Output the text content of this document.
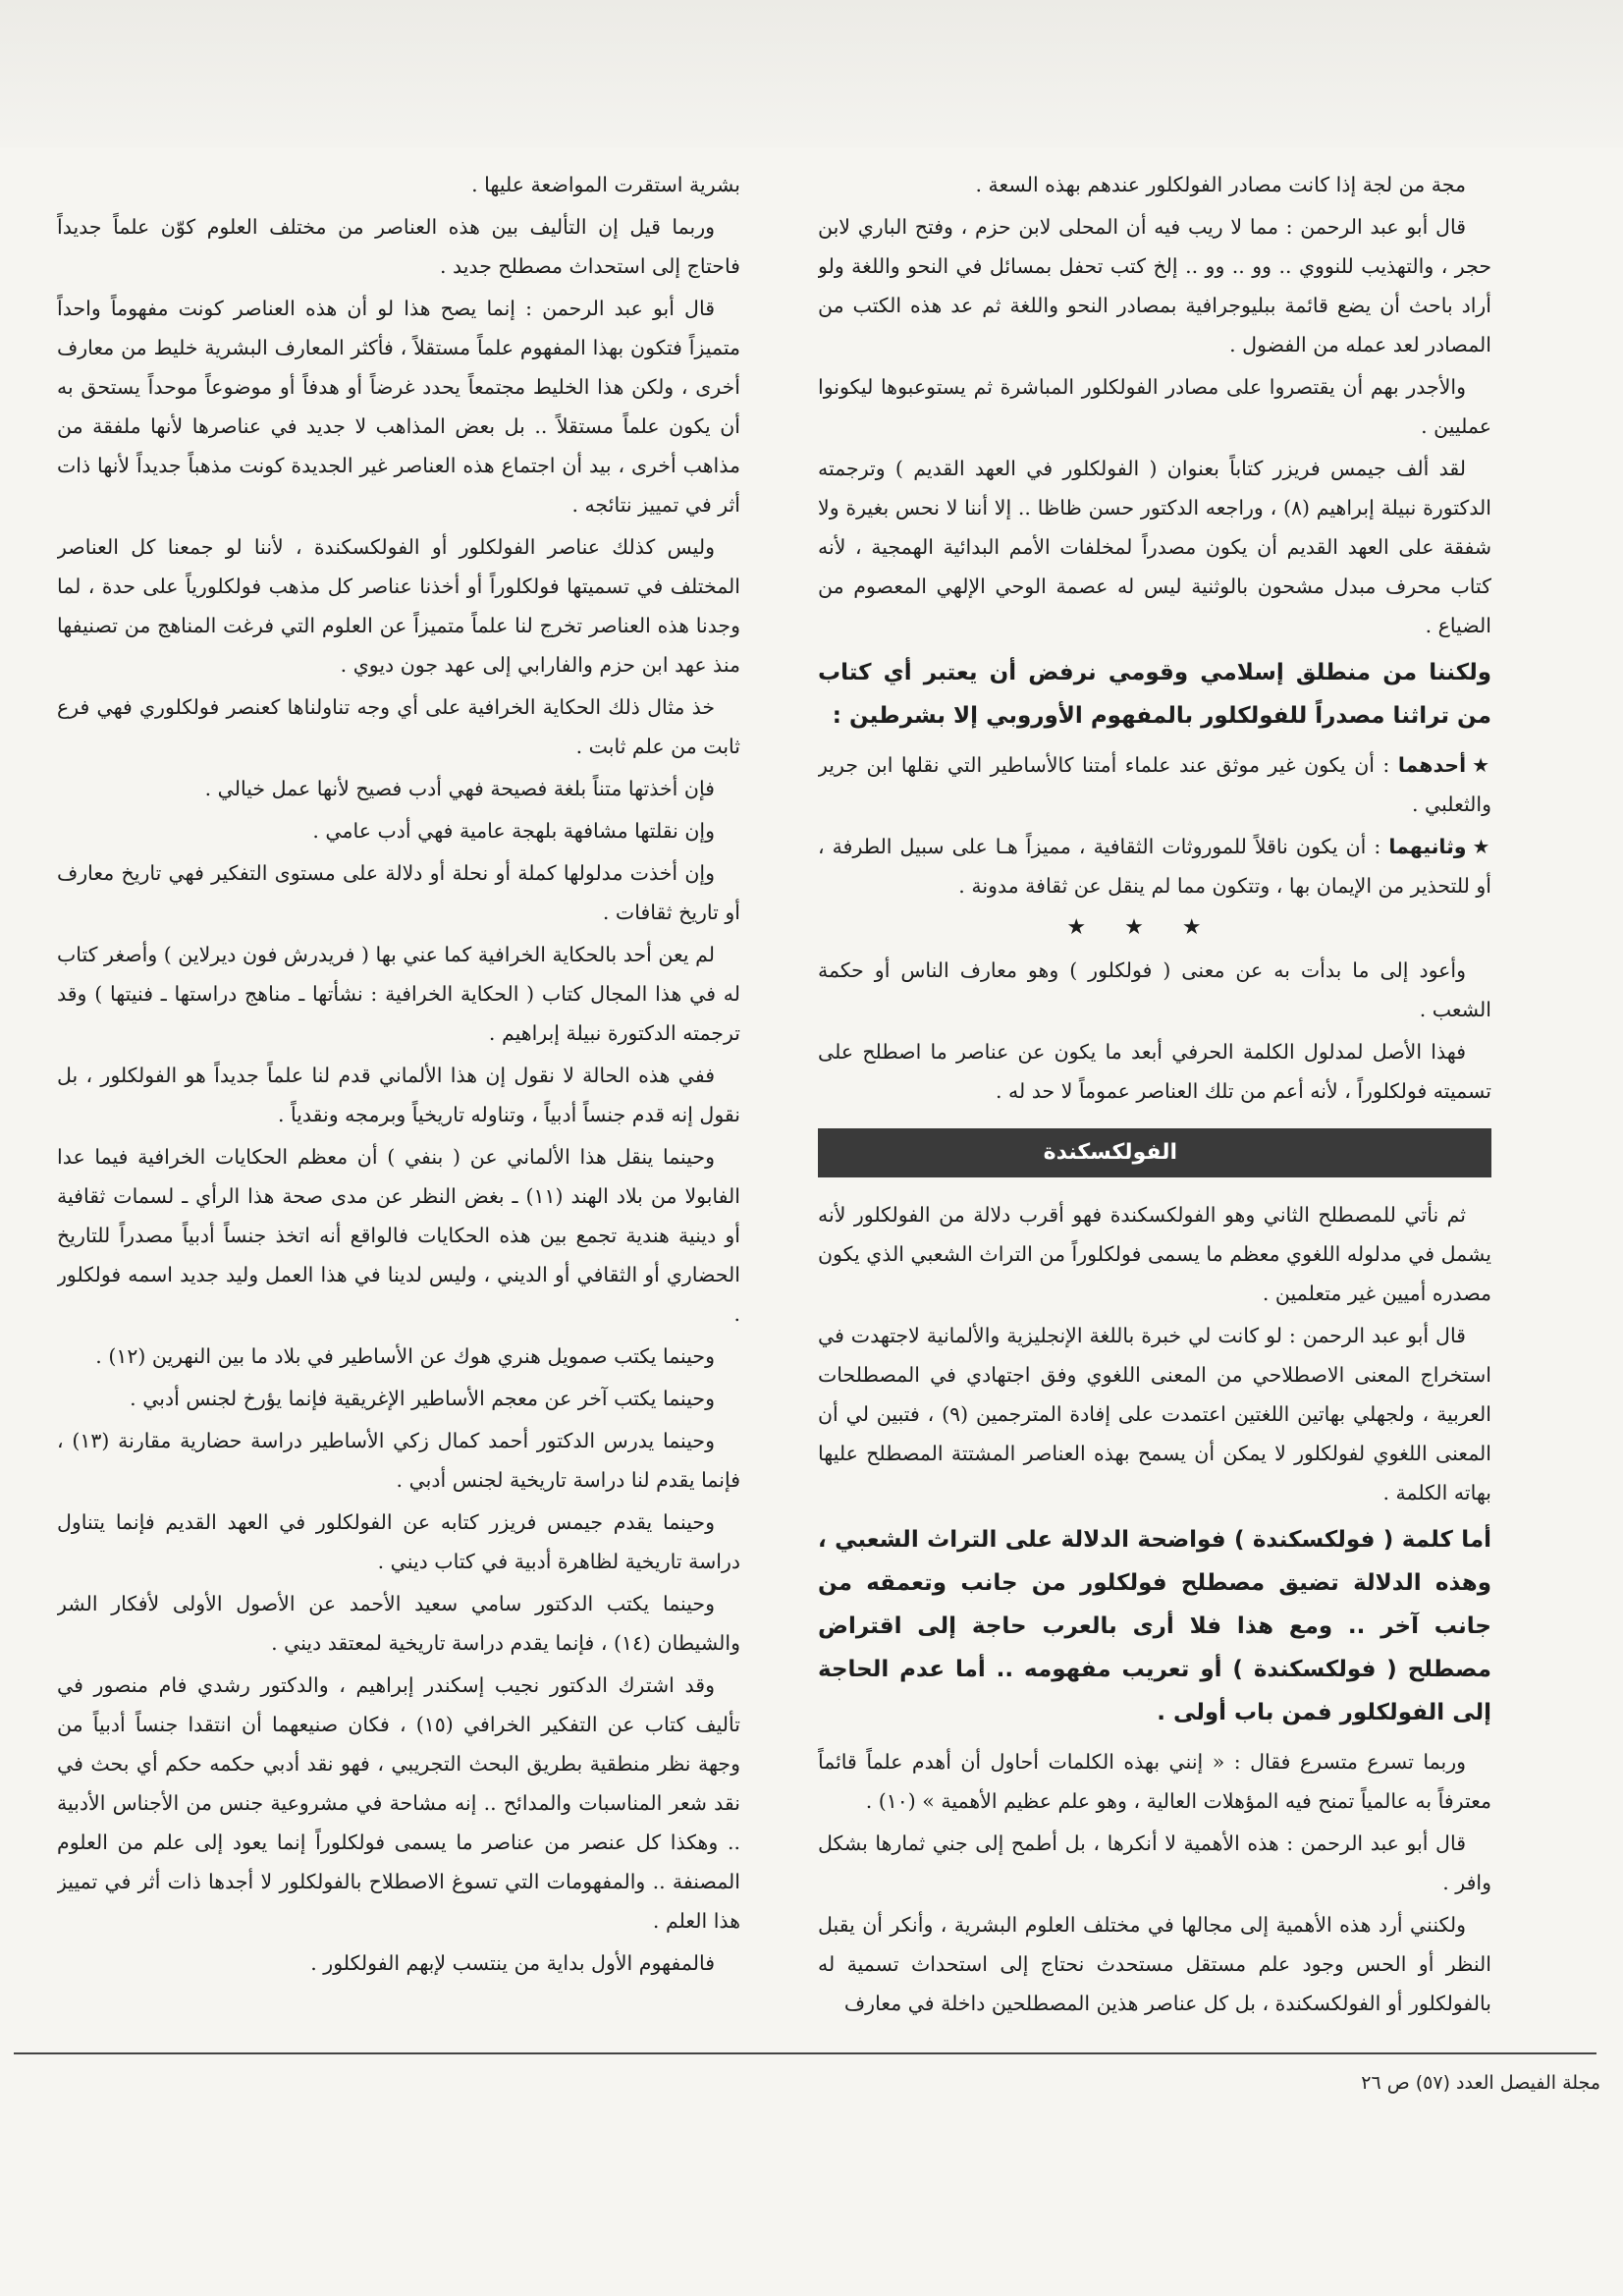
مجة من لجة إذا كانت مصادر الفولكلور عندهم بهذه السعة .

قال أبو عبد الرحمن : مما لا ريب فيه أن المحلى لابن حزم ، وفتح الباري لابن حجر ، والتهذيب للنووي .. وو .. وو .. إلخ كتب تحفل بمسائل في النحو واللغة ولو أراد باحث أن يضع قائمة ببليوجرافية بمصادر النحو واللغة ثم عد هذه الكتب من المصادر لعد عمله من الفضول .

والأجدر بهم أن يقتصروا على مصادر الفولكلور المباشرة ثم يستوعبوها ليكونوا عمليين .

لقد ألف جيمس فريزر كتاباً بعنوان ( الفولكلور في العهد القديم ) وترجمته الدكتورة نبيلة إبراهيم (٨) ، وراجعه الدكتور حسن ظاظا .. إلا أننا لا نحس بغيرة ولا شفقة على العهد القديم أن يكون مصدراً لمخلفات الأمم البدائية الهمجية ، لأنه كتاب محرف مبدل مشحون بالوثنية ليس له عصمة الوحي الإلهي المعصوم من الضياع .

ولكننا من منطلق إسلامي وقومي نرفض أن يعتبر أي كتاب من تراثنا مصدراً للفولكلور بالمفهوم الأوروبي إلا بشرطين :

★أحدهما : أن يكون غير موثق عند علماء أمتنا كالأساطير التي نقلها ابن جرير والثعلبي .

★وثانيهما : أن يكون ناقلاً للموروثات الثقافية ، مميزاً هـا على سبيل الطرفة ، أو للتحذير من الإيمان بها ، وتتكون مما لم ينقل عن ثقافة مدونة .

★ ★ ★

وأعود إلى ما بدأت به عن معنى ( فولكلور ) وهو معارف الناس أو حكمة الشعب .

فهذا الأصل لمدلول الكلمة الحرفي أبعد ما يكون عن عناصر ما اصطلح على تسميته فولكلوراً ، لأنه أعم من تلك العناصر عموماً لا حد له .

الفولكسكندة

ثم نأتي للمصطلح الثاني وهو الفولكسكندة فهو أقرب دلالة من الفولكلور لأنه يشمل في مدلوله اللغوي معظم ما يسمى فولكلوراً من التراث الشعبي الذي يكون مصدره أميين غير متعلمين .

قال أبو عبد الرحمن : لو كانت لي خبرة باللغة الإنجليزية والألمانية لاجتهدت في استخراج المعنى الاصطلاحي من المعنى اللغوي وفق اجتهادي في المصطلحات العربية ، ولجهلي بهاتين اللغتين اعتمدت على إفادة المترجمين (٩) ، فتبين لي أن المعنى اللغوي لفولكلور لا يمكن أن يسمح بهذه العناصر المشتتة المصطلح عليها بهاته الكلمة .

أما كلمة ( فولكسكندة ) فواضحة الدلالة على التراث الشعبي ، وهذه الدلالة تضيق مصطلح فولكلور من جانب وتعمقه من جانب آخر .. ومع هذا فلا أرى بالعرب حاجة إلى اقتراض مصطلح ( فولكسكندة ) أو تعريب مفهومه .. أما عدم الحاجة إلى الفولكلور فمن باب أولى .

وربما تسرع متسرع فقال : « إنني بهذه الكلمات أحاول أن أهدم علماً قائماً معترفاً به عالمياً تمنح فيه المؤهلات العالية ، وهو علم عظيم الأهمية » (١٠) .

قال أبو عبد الرحمن : هذه الأهمية لا أنكرها ، بل أطمح إلى جني ثمارها بشكل وافر .

ولكنني أرد هذه الأهمية إلى مجالها في مختلف العلوم البشرية ، وأنكر أن يقبل النظر أو الحس وجود علم مستقل مستحدث نحتاج إلى استحداث تسمية له بالفولكلور أو الفولكسكندة ، بل كل عناصر هذين المصطلحين داخلة في معارف

بشرية استقرت المواضعة عليها .

وربما قيل إن التأليف بين هذه العناصر من مختلف العلوم كوّن علماً جديداً فاحتاج إلى استحداث مصطلح جديد .

قال أبو عبد الرحمن : إنما يصح هذا لو أن هذه العناصر كونت مفهوماً واحداً متميزاً فتكون بهذا المفهوم علماً مستقلاً ، فأكثر المعارف البشرية خليط من معارف أخرى ، ولكن هذا الخليط مجتمعاً يحدد غرضاً أو هدفاً أو موضوعاً موحداً يستحق به أن يكون علماً مستقلاً .. بل بعض المذاهب لا جديد في عناصرها لأنها ملفقة من مذاهب أخرى ، بيد أن اجتماع هذه العناصر غير الجديدة كونت مذهباً جديداً لأنها ذات أثر في تمييز نتائجه .

وليس كذلك عناصر الفولكلور أو الفولكسكندة ، لأننا لو جمعنا كل العناصر المختلف في تسميتها فولكلوراً أو أخذنا عناصر كل مذهب فولكلورياً على حدة ، لما وجدنا هذه العناصر تخرج لنا علماً متميزاً عن العلوم التي فرغت المناهج من تصنيفها منذ عهد ابن حزم والفارابي إلى عهد جون ديوي .

خذ مثال ذلك الحكاية الخرافية على أي وجه تناولناها كعنصر فولكلوري فهي فرع ثابت من علم ثابت .

فإن أخذتها متناً بلغة فصيحة فهي أدب فصيح لأنها عمل خيالي .

وإن نقلتها مشافهة بلهجة عامية فهي أدب عامي .

وإن أخذت مدلولها كملة أو نحلة أو دلالة على مستوى التفكير فهي تاريخ معارف أو تاريخ ثقافات .

لم يعن أحد بالحكاية الخرافية كما عني بها ( فريدرش فون ديرلاين ) وأصغر كتاب له في هذا المجال كتاب ( الحكاية الخرافية : نشأتها ـ مناهج دراستها ـ فنيتها ) وقد ترجمته الدكتورة نبيلة إبراهيم .

ففي هذه الحالة لا نقول إن هذا الألماني قدم لنا علماً جديداً هو الفولكلور ، بل نقول إنه قدم جنساً أدبياً ، وتناوله تاريخياً وبرمجه ونقدياً .

وحينما ينقل هذا الألماني عن ( بنفي ) أن معظم الحكايات الخرافية فيما عدا الفابولا من بلاد الهند (١١) ـ بغض النظر عن مدى صحة هذا الرأي ـ لسمات ثقافية أو دينية هندية تجمع بين هذه الحكايات فالواقع أنه اتخذ جنساً أدبياً مصدراً للتاريخ الحضاري أو الثقافي أو الديني ، وليس لدينا في هذا العمل وليد جديد اسمه فولكلور .

وحينما يكتب صمويل هنري هوك عن الأساطير في بلاد ما بين النهرين (١٢) .

وحينما يكتب آخر عن معجم الأساطير الإغريقية فإنما يؤرخ لجنس أدبي .

وحينما يدرس الدكتور أحمد كمال زكي الأساطير دراسة حضارية مقارنة (١٣) ، فإنما يقدم لنا دراسة تاريخية لجنس أدبي .

وحينما يقدم جيمس فريزر كتابه عن الفولكلور في العهد القديم فإنما يتناول دراسة تاريخية لظاهرة أدبية في كتاب ديني .

وحينما يكتب الدكتور سامي سعيد الأحمد عن الأصول الأولى لأفكار الشر والشيطان (١٤) ، فإنما يقدم دراسة تاريخية لمعتقد ديني .

وقد اشترك الدكتور نجيب إسكندر إبراهيم ، والدكتور رشدي فام منصور في تأليف كتاب عن التفكير الخرافي (١٥) ، فكان صنيعهما أن انتقدا جنساً أدبياً من وجهة نظر منطقية بطريق البحث التجريبي ، فهو نقد أدبي حكمه حكم أي بحث في نقد شعر المناسبات والمدائح .. إنه مشاحة في مشروعية جنس من الأجناس الأدبية .. وهكذا كل عنصر من عناصر ما يسمى فولكلوراً إنما يعود إلى علم من العلوم المصنفة .. والمفهومات التي تسوغ الاصطلاح بالفولكلور لا أجدها ذات أثر في تمييز هذا العلم .

فالمفهوم الأول بداية من ينتسب لإبهم الفولكلور .

مجلة الفيصل العدد (٥٧) ص ٢٦
